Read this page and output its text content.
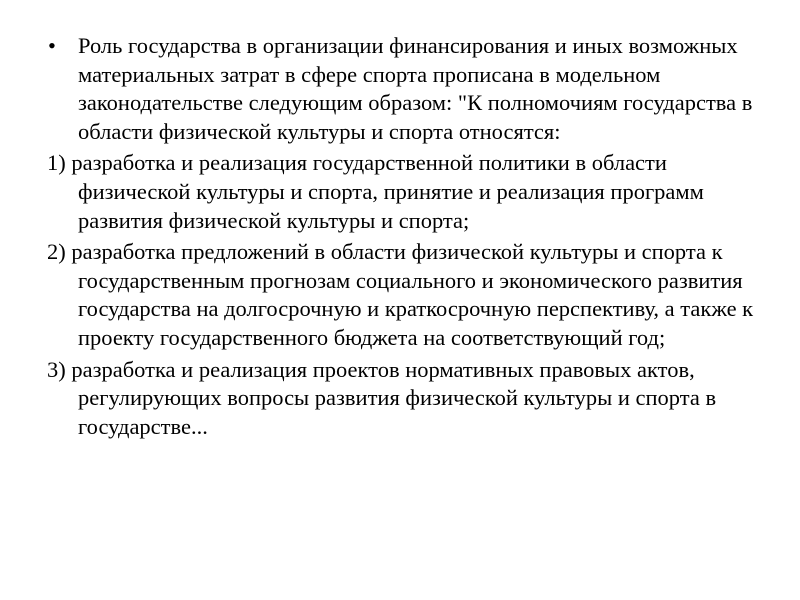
• Роль государства в организации финансирования и иных возможных материальных затрат в сфере спорта прописана в модельном законодательстве следующим образом: "К полномочиям государства в области физической культуры и спорта относятся:
1) разработка и реализация государственной политики в области физической культуры и спорта, принятие и реализация программ развития физической культуры и спорта;
2) разработка предложений в области физической культуры и спорта к государственным прогнозам социального и экономического развития государства на долгосрочную и краткосрочную перспективу, а также к проекту государственного бюджета на соответствующий год;
3) разработка и реализация проектов нормативных правовых актов, регулирующих вопросы развития физической культуры и спорта в государстве...
